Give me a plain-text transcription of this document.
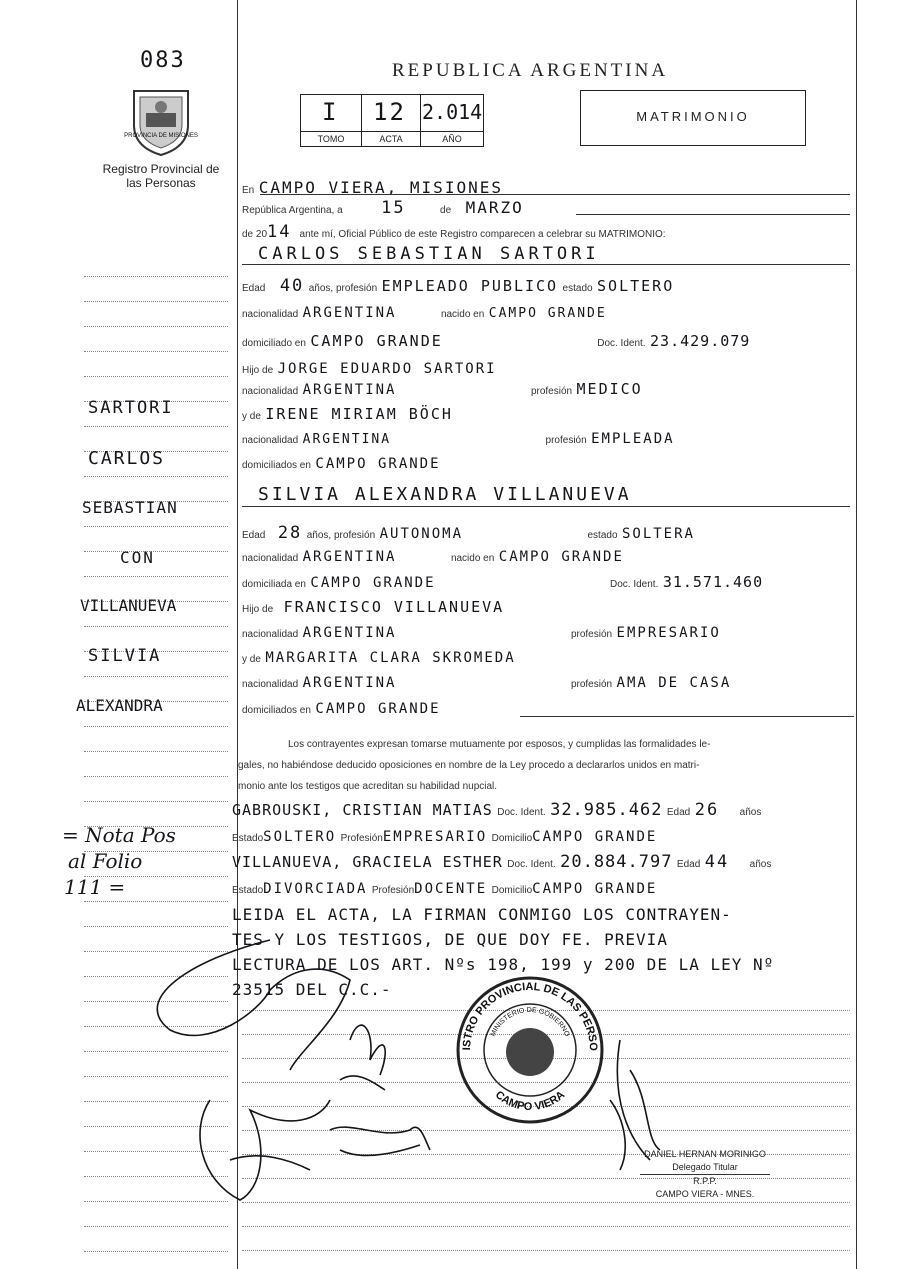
083
PROVINCIA DE MISIONES
Registro Provincial de las Personas
REPUBLICA ARGENTINA
I 12 2.014
TOMO	ACTA	AÑO
MATRIMONIO
En CAMPO VIERA, MISIONES
República Argentina, a 15	de MARZO
de 2014 ante mí, Oficial Público de este Registro comparecen a celebrar su MATRIMONIO:
CARLOS SEBASTIAN SARTORI
Edad 40 años, profesión EMPLEADO PUBLICO estado SOLTERO
nacionalidad ARGENTINA	nacido en CAMPO GRANDE
domiciliado en CAMPO GRANDE	Doc. Ident. 23.429.079
Hijo de JORGE EDUARDO SARTORI
nacionalidad ARGENTINA	profesión MEDICO
y de IRENE MIRIAM BÖCH
nacionalidad ARGENTINA	profesión EMPLEADA
domiciliados en CAMPO GRANDE
SILVIA ALEXANDRA VILLANUEVA
Edad 28 años, profesión AUTONOMA	estado SOLTERA
nacionalidad ARGENTINA	nacido en CAMPO GRANDE
domiciliada en CAMPO GRANDE	Doc. Ident. 31.571.460
Hijo de FRANCISCO VILLANUEVA
nacionalidad ARGENTINA	profesión EMPRESARIO
y de MARGARITA CLARA SKROMEDA
nacionalidad ARGENTINA	profesión AMA DE CASA
domiciliados en CAMPO GRANDE
Los contrayentes expresan tomarse mutuamente por esposos, y cumplidas las formalidades le-
gales, no habiéndose deducido oposiciones en nombre de la Ley procedo a declararlos unidos en matri-
monio ante los testigos que acreditan su habilidad nupcial.
GABROUSKI, CRISTIAN MATIAS Doc. Ident. 32.985.462 Edad 26 años
EstadoSOLTERO ProfesiónEMPRESARIO DomicilioCAMPO GRANDE
VILLANUEVA, GRACIELA ESTHER Doc. Ident. 20.884.797 Edad 44 años
EstadoDIVORCIADA ProfesiónDOCENTE DomicilioCAMPO GRANDE
LEIDA EL ACTA, LA FIRMAN CONMIGO LOS CONTRAYEN-
TES Y LOS TESTIGOS, DE QUE DOY FE. PREVIA
LECTURA DE LOS ART. Nºs 198, 199 y 200 DE LA LEY Nº
23515 DEL C.C.-
SARTORI
CARLOS
SEBASTIAN
CON
VILLANUEVA
SILVIA
ALEXANDRA
= Nota Pos
al Folio
111 =
ISTRO PROVINCIAL DE LAS PERSO
MINISTERIO DE GOBIERNO
CAMPO VIERA
DANIEL HERNAN MORINIGO
Delegado Titular
R.P.P.
CAMPO VIERA - MNES.
